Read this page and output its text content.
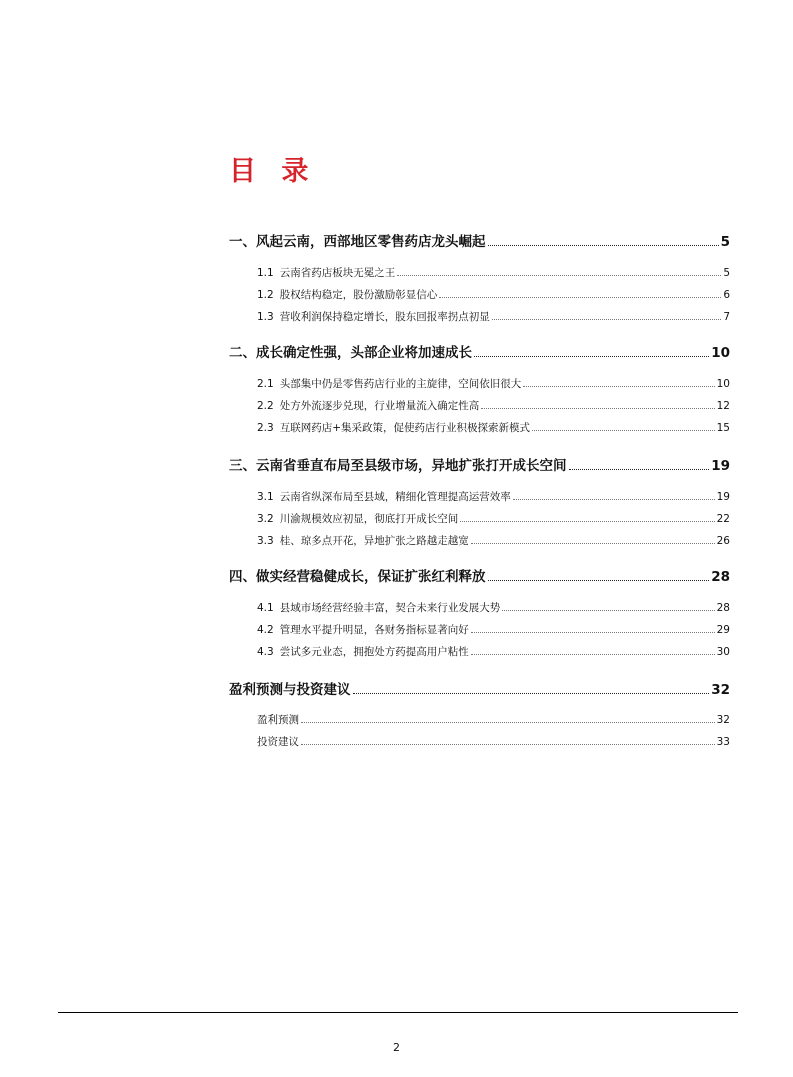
目 录
一、风起云南，西部地区零售药店龙头崛起	5
1.1 云南省药店板块无冕之王	5
1.2 股权结构稳定，股份激励彰显信心	6
1.3 营收利润保持稳定增长，股东回报率拐点初显	7
二、成长确定性强，头部企业将加速成长	10
2.1 头部集中仍是零售药店行业的主旋律，空间依旧很大	10
2.2 处方外流逐步兑现，行业增量流入确定性高	12
2.3 互联网药店+集采政策，促使药店行业积极探索新模式	15
三、云南省垂直布局至县级市场，异地扩张打开成长空间	19
3.1 云南省纵深布局至县域，精细化管理提高运营效率	19
3.2 川渝规模效应初显，彻底打开成长空间	22
3.3 桂、琼多点开花，异地扩张之路越走越宽	26
四、做实经营稳健成长，保证扩张红利释放	28
4.1 县域市场经营经验丰富，契合未来行业发展大势	28
4.2 管理水平提升明显，各财务指标显著向好	29
4.3 尝试多元业态，拥抱处方药提高用户粘性	30
盈利预测与投资建议	32
盈利预测	32
投资建议	33
2
